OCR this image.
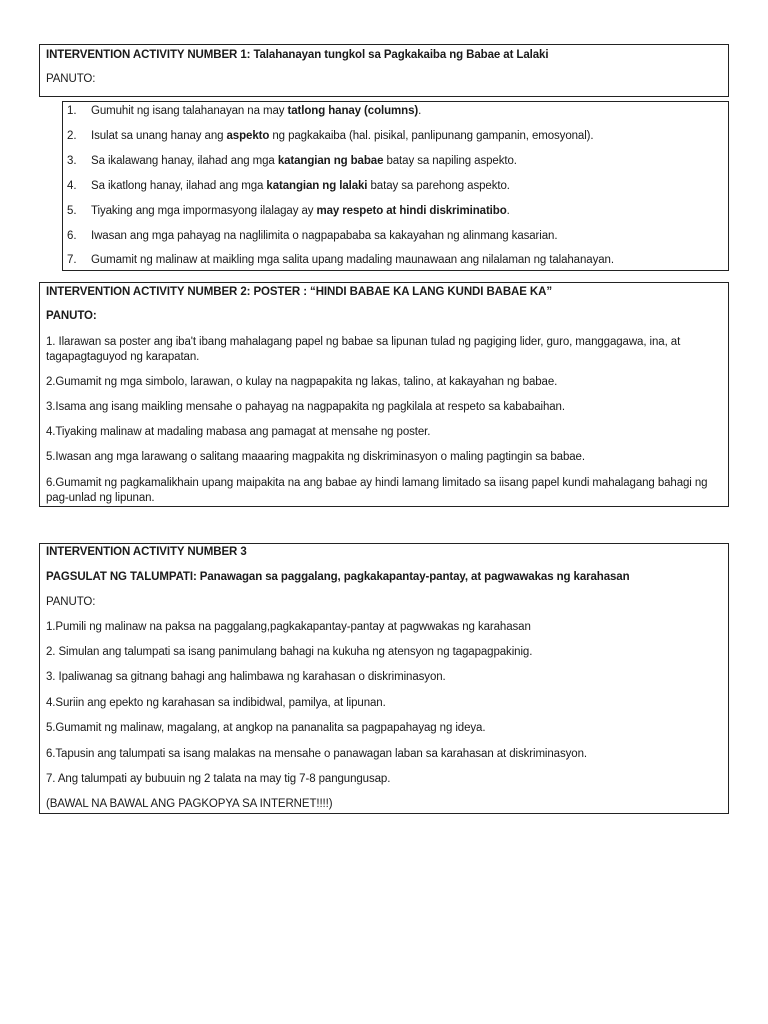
INTERVENTION ACTIVITY NUMBER 1: Talahanayan tungkol sa Pagkakaiba ng Babae at Lalaki
PANUTO:
1. Gumuhit ng isang talahanayan na may tatlong hanay (columns).
2. Isulat sa unang hanay ang aspekto ng pagkakaiba (hal. pisikal, panlipunang gampanin, emosyonal).
3. Sa ikalawang hanay, ilahad ang mga katangian ng babae batay sa napiling aspekto.
4. Sa ikatlong hanay, ilahad ang mga katangian ng lalaki batay sa parehong aspekto.
5. Tiyaking ang mga impormasyong ilalagay ay may respeto at hindi diskriminatibo.
6. Iwasan ang mga pahayag na naglilimita o nagpapababa sa kakayahan ng alinmang kasarian.
7. Gumamit ng malinaw at maikling mga salita upang madaling maunawaan ang nilalaman ng talahanayan.
INTERVENTION ACTIVITY NUMBER 2: POSTER : “HINDI BABAE KA LANG KUNDI BABAE KA”
PANUTO:
1. Ilarawan sa poster ang iba't ibang mahalagang papel ng babae sa lipunan tulad ng pagiging lider, guro, manggagawa, ina, at tagapagtaguyod ng karapatan.
2.Gumamit ng mga simbolo, larawan, o kulay na nagpapakita ng lakas, talino, at kakayahan ng babae.
3.Isama ang isang maikling mensahe o pahayag na nagpapakita ng pagkilala at respeto sa kababaihan.
4.Tiyaking malinaw at madaling mabasa ang pamagat at mensahe ng poster.
5.Iwasan ang mga larawang o salitang maaaring magpakita ng diskriminasyon o maling pagtingin sa babae.
6.Gumamit ng pagkamalikhain upang maipakita na ang babae ay hindi lamang limitado sa iisang papel kundi mahalagang bahagi ng pag-unlad ng lipunan.
INTERVENTION ACTIVITY NUMBER 3
PAGSULAT NG TALUMPATI: Panawagan sa paggalang, pagkakapantay-pantay, at pagwawakas ng karahasan
PANUTO:
1.Pumili ng malinaw na paksa na paggalang,pagkakapantay-pantay at pagwwakas ng karahasan
2. Simulan ang talumpati sa isang panimulang bahagi na kukuha ng atensyon ng tagapagpakinig.
3. Ipaliwanag sa gitnang bahagi ang halimbawa ng karahasan o diskriminasyon.
4.Suriin ang epekto ng karahasan sa indibidwal, pamilya, at lipunan.
5.Gumamit ng malinaw, magalang, at angkop na pananalita sa pagpapahayag ng ideya.
6.Tapusin ang talumpati sa isang malakas na mensahe o panawagan laban sa karahasan at diskriminasyon.
7. Ang talumpati ay bubuuin ng 2 talata na may tig 7-8 pangungusap.
(BAWAL NA BAWAL ANG PAGKOPYA SA INTERNET!!!!)
